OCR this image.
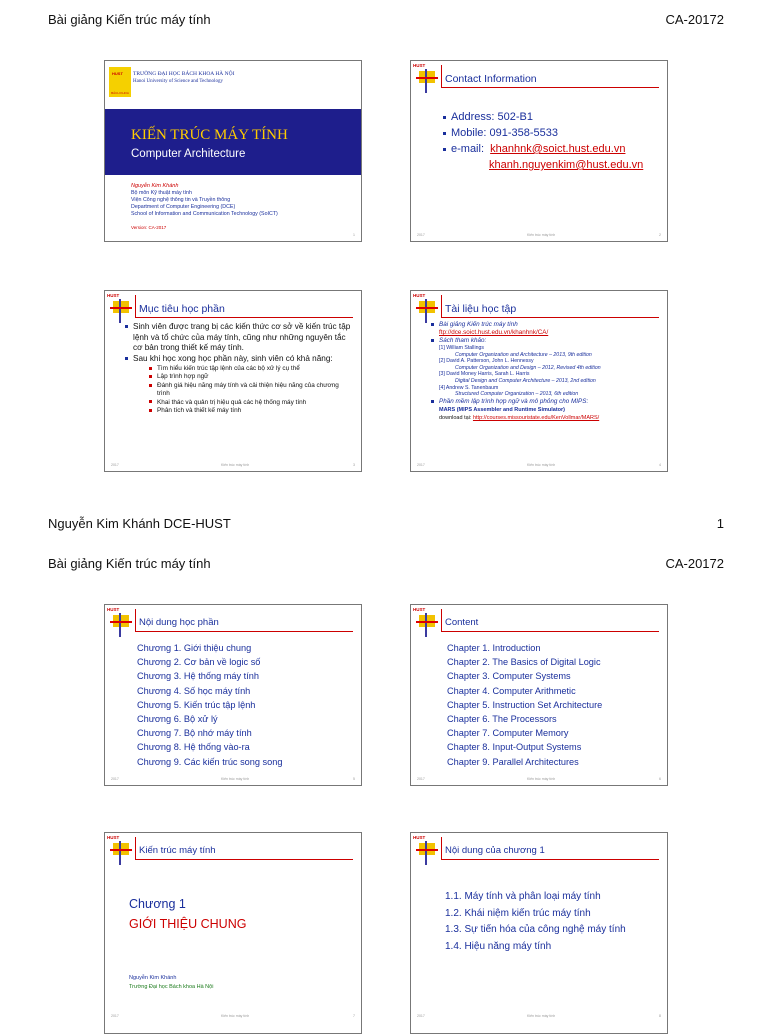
Bài giảng Kiến trúc máy tính	CA-20172
HUST
BÁCH KHOA
TRƯỜNG ĐẠI HỌC BÁCH KHOA HÀ NỘI
Hanoi University of Science and Technology
KIẾN TRÚC MÁY TÍNH
Computer Architecture
Nguyễn Kim Khánh
Bộ môn Kỹ thuật máy tính
Viện Công nghệ thông tin và Truyền thông
Department of Computer Engineering (DCE)
School of Information and Communication Technology (SoICT)
Version: CA-2017
1
HUST
Contact Information
Address: 502-B1
Mobile: 091-358-5533
e-mail: khanhnk@soict.hust.edu.vn
khanh.nguyenkim@hust.edu.vn
2017	Kiến trúc máy tính	2
HUST
Mục tiêu học phần
Sinh viên được trang bị các kiến thức cơ sở về kiến trúc tập lệnh và tổ chức của máy tính, cũng như những nguyên tắc cơ bản trong thiết kế máy tính.
Sau khi học xong học phần này, sinh viên có khả năng:
Tìm hiểu kiến trúc tập lệnh của các bộ xử lý cụ thể
Lập trình hợp ngữ
Đánh giá hiệu năng máy tính và cải thiện hiệu năng của chương trình
Khai thác và quản trị hiệu quả các hệ thống máy tính
Phân tích và thiết kế máy tính
2017	Kiến trúc máy tính	3
HUST
Tài liệu học tập
Bài giảng Kiến trúc máy tính
ftp://dce.soict.hust.edu.vn/khanhnk/CA/
Sách tham khảo:
[1] William Stallings
Computer Organization and Architecture – 2013, 9th edition
[2] David A. Patterson, John L. Hennessy
Computer Organization and Design – 2012, Revised 4th edition
[3] David Money Harris, Sarah L. Harris
Digital Design and Computer Architecture – 2013, 2nd edition
[4] Andrew S. Tanenbaum
Structured Computer Organization – 2013, 6th edition
Phần mềm lập trình hợp ngữ và mô phỏng cho MIPS:
MARS (MIPS Assembler and Runtime Simulator)
download tại: http://courses.missouristate.edu/KenVollmar/MARS/
2017	Kiến trúc máy tính	4
Nguyễn Kim Khánh DCE-HUST	1
Bài giảng Kiến trúc máy tính	CA-20172
HUST
Nội dung học phần
Chương 1. Giới thiệu chung
Chương 2. Cơ bản về logic số
Chương 3. Hệ thống máy tính
Chương 4. Số học máy tính
Chương 5. Kiến trúc tập lệnh
Chương 6. Bộ xử lý
Chương 7. Bộ nhớ máy tính
Chương 8. Hệ thống vào-ra
Chương 9. Các kiến trúc song song
2017	Kiến trúc máy tính	5
HUST
Content
Chapter 1. Introduction
Chapter 2. The Basics of Digital Logic
Chapter 3. Computer Systems
Chapter 4. Computer Arithmetic
Chapter 5. Instruction Set Architecture
Chapter 6. The Processors
Chapter 7. Computer Memory
Chapter 8. Input-Output Systems
Chapter 9. Parallel Architectures
2017	Kiến trúc máy tính	6
HUST
Kiến trúc máy tính
Chương 1
GIỚI THIỆU CHUNG
Nguyễn Kim Khánh
Trường Đại học Bách khoa Hà Nội
2017	Kiến trúc máy tính	7
HUST
Nội dung của chương 1
1.1. Máy tính và phân loại máy tính
1.2. Khái niệm kiến trúc máy tính
1.3. Sự tiến hóa của công nghệ máy tính
1.4. Hiệu năng máy tính
2017	Kiến trúc máy tính	8
